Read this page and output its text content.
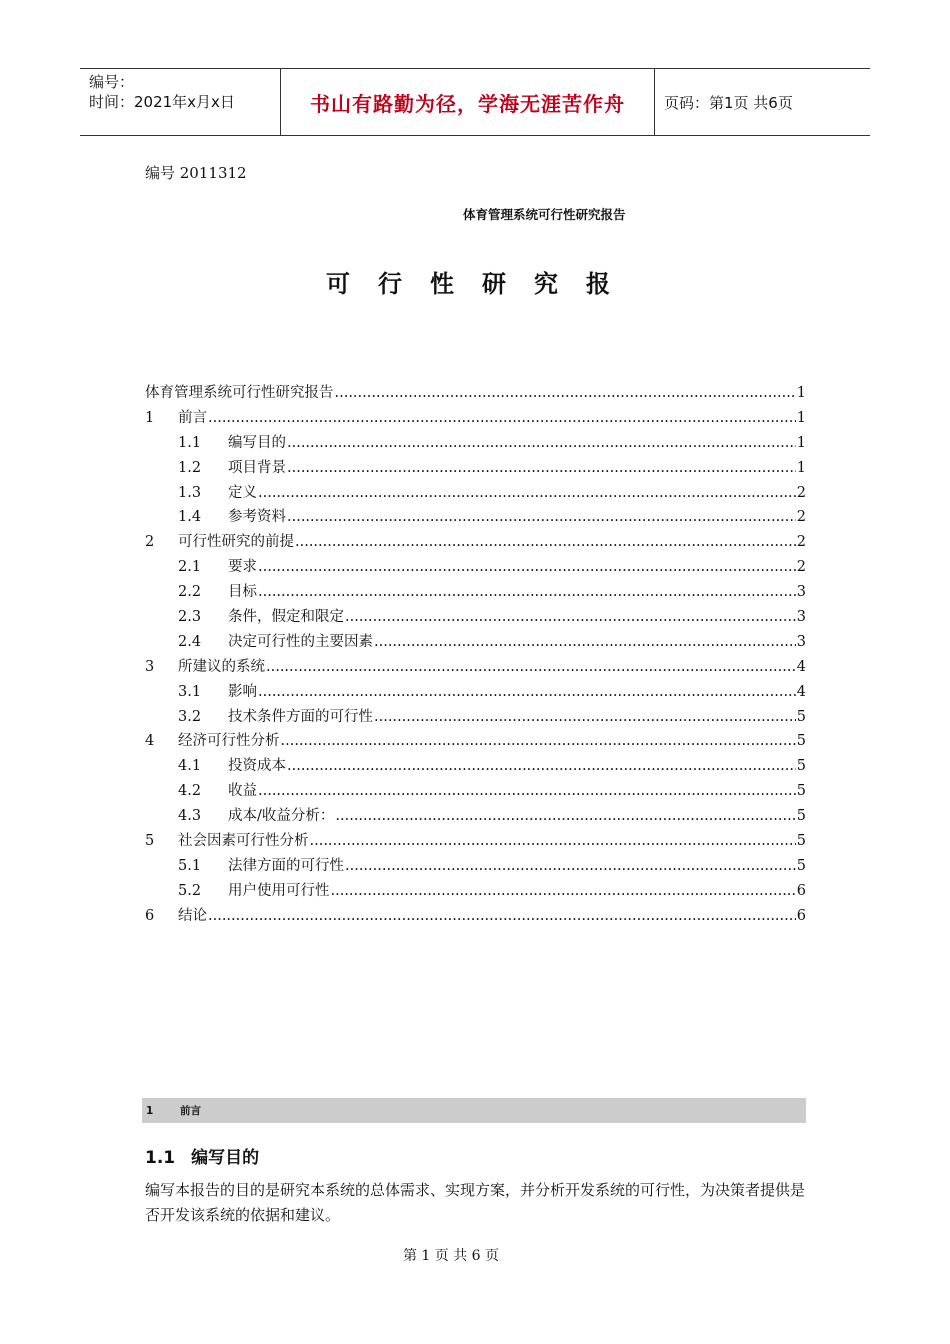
编号：
时间：2021年x月x日	书山有路勤为径，学海无涯苦作舟	页码：第1页 共6页
编号 2011312
体育管理系统可行性研究报告
可行性研究报
体育管理系统可行性研究报告 .....	1
1	前言 .....	1
1.1	编写目的 .....	1
1.2	项目背景 .....	1
1.3	定义 .....	2
1.4	参考资料 .....	2
2	可行性研究的前提 .....	2
2.1	要求 .....	2
2.2	目标 .....	3
2.3	条件，假定和限定 .....	3
2.4	决定可行性的主要因素 .....	3
3	所建议的系统 .....	4
3.1	影响 .....	4
3.2	技术条件方面的可行性 .....	5
4	经济可行性分析 .....	5
4.1	投资成本 .....	5
4.2	收益 .....	5
4.3	成本/收益分析： .....	5
5	社会因素可行性分析 .....	5
5.1	法律方面的可行性 .....	5
5.2	用户使用可行性 .....	6
6	结论 .....	6
1	前言
1.1 编写目的
编写本报告的目的是研究本系统的总体需求、实现方案，并分析开发系统的可行性，为决策者提供是否开发该系统的依据和建议。
第 1 页 共 6 页
